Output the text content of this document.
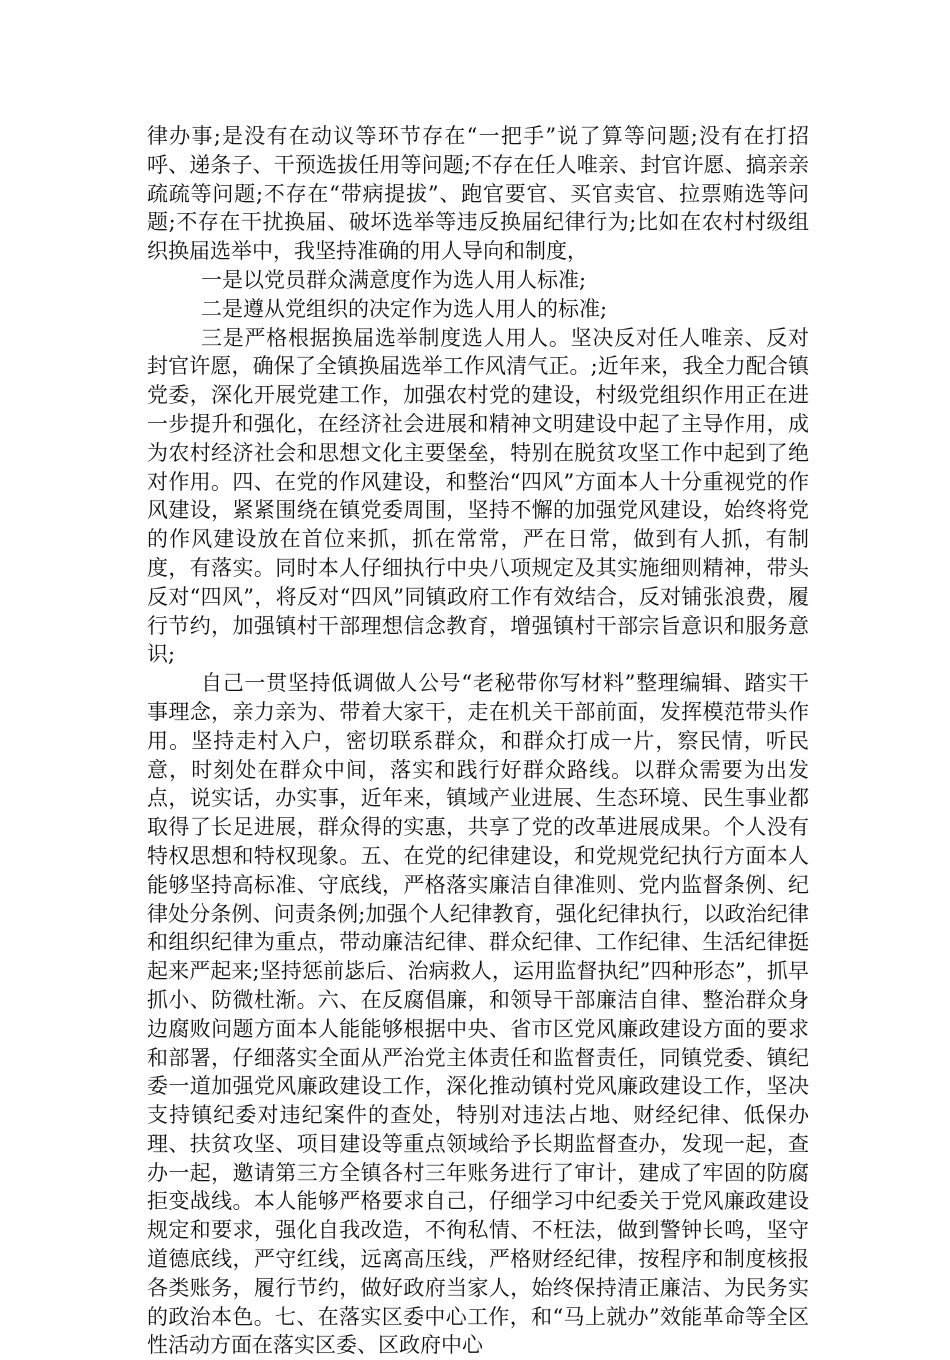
律办事;是没有在动议等环节存在“一把手”说了算等问题;没有在打招呼、递条子、干预选拔任用等问题;不存在任人唯亲、封官许愿、搞亲亲疏疏等问题;不存在“带病提拔”、跑官要官、买官卖官、拉票贿选等问题;不存在干扰换届、破坏选举等违反换届纪律行为;比如在农村村级组织换届选举中，我坚持准确的用人导向和制度，

一是以党员群众满意度作为选人用人标准;

二是遵从党组织的决定作为选人用人的标准;

三是严格根据换届选举制度选人用人。坚决反对任人唯亲、反对封官许愿，确保了全镇换届选举工作风清气正。;近年来，我全力配合镇党委，深化开展党建工作，加强农村党的建设，村级党组织作用正在进一步提升和强化，在经济社会进展和精神文明建设中起了主导作用，成为农村经济社会和思想文化主要堡垒，特别在脱贫攻坚工作中起到了绝对作用。四、在党的作风建设，和整治“四风”方面本人十分重视党的作风建设，紧紧围绕在镇党委周围，坚持不懈的加强党风建设，始终将党的作风建设放在首位来抓，抓在常常，严在日常，做到有人抓，有制度，有落实。同时本人仔细执行中央八项规定及其实施细则精神，带头反对“四风”，将反对“四风”同镇政府工作有效结合，反对铺张浪费，履行节约，加强镇村干部理想信念教育，增强镇村干部宗旨意识和服务意识;

自己一贯坚持低调做人公号“老秘带你写材料”整理编辑、踏实干事理念，亲力亲为、带着大家干，走在机关干部前面，发挥模范带头作用。坚持走村入户，密切联系群众，和群众打成一片，察民情，听民意，时刻处在群众中间，落实和践行好群众路线。以群众需要为出发点，说实话，办实事，近年来，镇域产业进展、生态环境、民生事业都取得了长足进展，群众得的实惠，共享了党的改革进展成果。个人没有特权思想和特权现象。五、在党的纪律建设，和党规党纪执行方面本人能够坚持高标准、守底线，严格落实廉洁自律准则、党内监督条例、纪律处分条例、问责条例;加强个人纪律教育，强化纪律执行，以政治纪律和组织纪律为重点，带动廉洁纪律、群众纪律、工作纪律、生活纪律挺起来严起来;坚持惩前毖后、治病救人，运用监督执纪”四种形态”，抓早抓小、防微杜渐。六、在反腐倡廉，和领导干部廉洁自律、整治群众身边腐败问题方面本人能能够根据中央、省市区党风廉政建设方面的要求和部署，仔细落实全面从严治党主体责任和监督责任，同镇党委、镇纪委一道加强党风廉政建设工作，深化推动镇村党风廉政建设工作，坚决支持镇纪委对违纪案件的查处，特别对违法占地、财经纪律、低保办理、扶贫攻坚、项目建设等重点领域给予长期监督查办，发现一起，查办一起，邀请第三方全镇各村三年账务进行了审计，建成了牢固的防腐拒变战线。本人能够严格要求自己，仔细学习中纪委关于党风廉政建设规定和要求，强化自我改造，不徇私情、不枉法，做到警钟长鸣，坚守道德底线，严守红线，远离高压线，严格财经纪律，按程序和制度核报各类账务，履行节约，做好政府当家人，始终保持清正廉洁、为民务实的政治本色。七、在落实区委中心工作，和“马上就办”效能革命等全区性活动方面在落实区委、区政府中心
